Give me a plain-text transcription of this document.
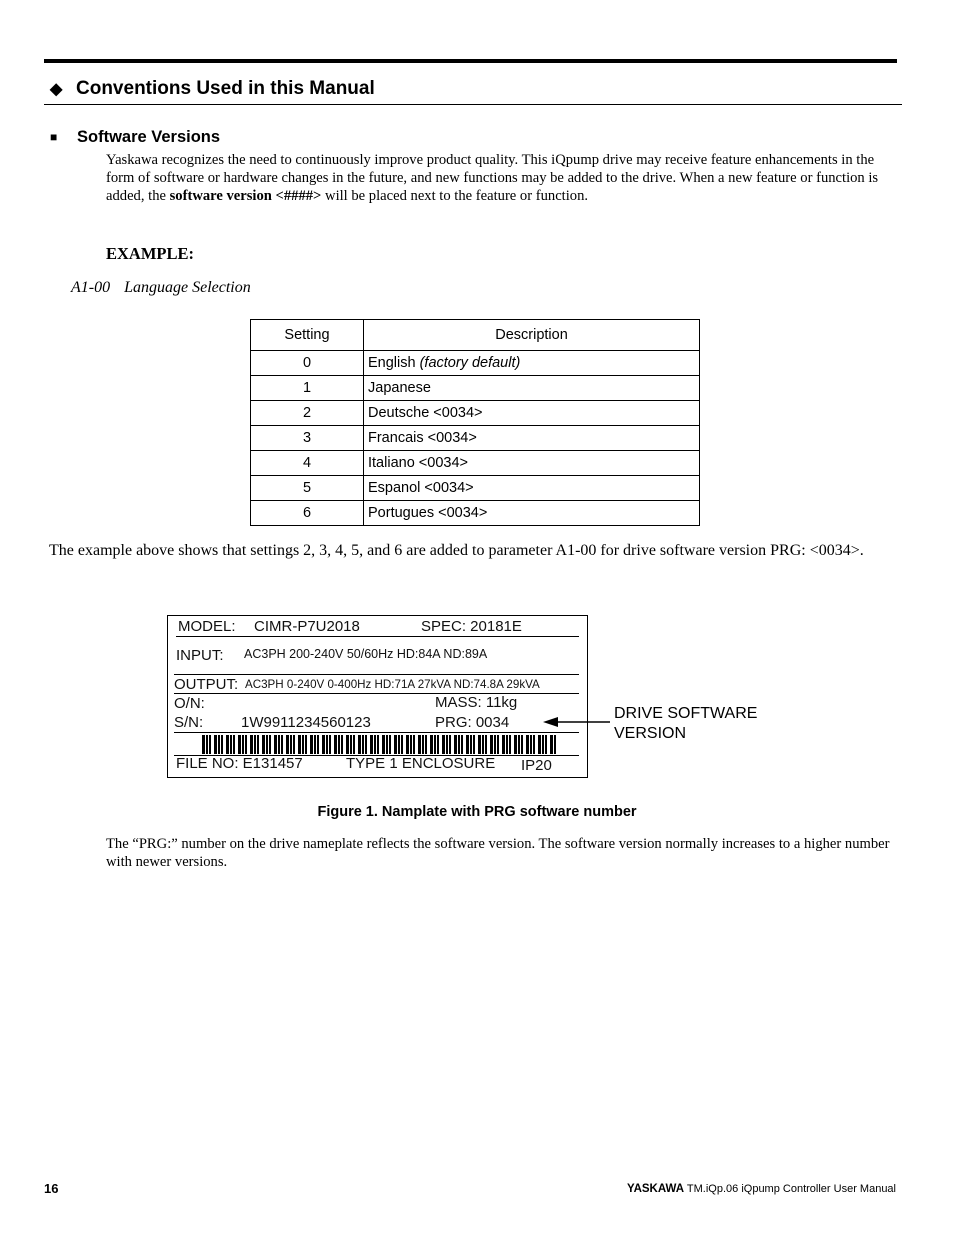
◆ Conventions Used in this Manual
■ Software Versions

Yaskawa recognizes the need to continuously improve product quality. This iQpump drive may receive feature enhancements in the form of software or hardware changes in the future, and new functions may be added to the drive. When a new feature or function is added, the software version <####> will be placed next to the feature or function.

EXAMPLE:
A1-00 Language Selection
Setting	Description
0	English (factory default)
1	Japanese
2	Deutsche <0034>
3	Francais <0034>
4	Italiano <0034>
5	Espanol <0034>
6	Portugues <0034>

The example above shows that settings 2, 3, 4, 5, and 6 are added to parameter A1-00 for drive software version PRG: <0034>.

MODEL: CIMR-P7U2018	SPEC: 20181E
INPUT: AC3PH 200-240V 50/60Hz HD:84A ND:89A
OUTPUT: AC3PH 0-240V 0-400Hz HD:71A 27kVA ND:74.8A 29kVA
O/N:	MASS: 11kg
S/N:	1W9911234560123	PRG: 0034
FILE NO: E131457	TYPE 1 ENCLOSURE IP20
DRIVE SOFTWARE
VERSION
Figure 1. Namplate with PRG software number

The “PRG:” number on the drive nameplate reflects the software version. The software version normally increases to a higher number with newer versions.

16	YASKAWA TM.iQp.06 iQpump Controller User Manual
